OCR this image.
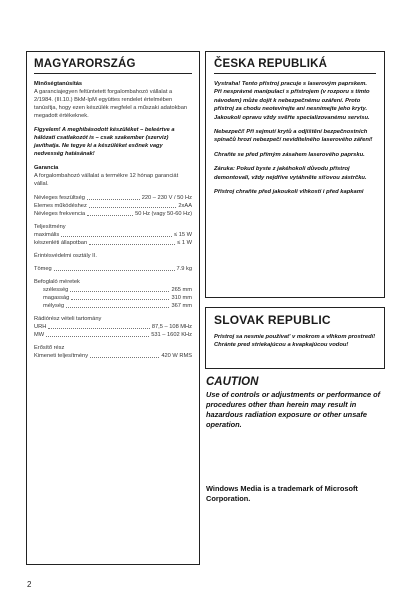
MAGYARORSZÁG
Minőségtanúsítás

A garanciajegyen feltüntetett forgalombahozó vállalat a 2/1984. (III.10.) BkM-IpM együttes rendelet értelmében tanúsítja, hogy ezen készülék megfelel a műszaki adatokban megadott értékeknek.

Figyelem! A meghibásodott készüléket – beleértve a hálózati csatlakozót is – csak szakember (szerviz) javíthatja. Ne tegye ki a készüléket esőnek vagy nedvesség hatásának!

Garancia

A forgalombahozó vállalat a termékre 12 hónap garanciát vállal.

Névleges feszültség	220 – 230 V / 50 Hz
Elemes működéshez	2xAA
Névleges frekvencia	50 Hz (vagy 50-60 Hz)
Teljesítmény
maximális	≤ 15 W
készenléti állapotban	≤ 1 W
Érintésvédelmi osztály II.
Tömeg	7.9 kg
Befoglaló méretek
szélesség	265 mm
magasság	310 mm
mélység	367 mm
Rádiórész vételi tartomány
URH	87,5 – 108 MHz
MW	531 – 1602 KHz
Erősítő rész
Kimeneti teljesítmény	420 W RMS
ČESKA REPUBLIKÁ

Vystraha! Tento přístroj pracuje s laserovým paprskem. Při nesprávné manipulaci s přístrojem (v rozporu s tímto návodem) můże dojít k nebezpečnému ozáření. Proto přístroj za chodu neotevírejte ani nesnímejte jeho kryty. Jakoukoli opravu vždy svěřte specializovanému servisu.

Nebezpečí! Při sejmutí krytů a odjištění bezpečnostních spínačů hrozí nebezpečí neviditelného laserového záření!

Chraňte se před přímým zásahem laserového paprsku.

Záruka: Pokud byste z jakéhokoli důvodu přístroj demontovali, vždy nejdříve vytáhněte síťovou zástrčku.

Přístroj chraňte před jakoukoli vlhkostí i před kapkami

SLOVAK REPUBLIC
Prístroj sa nesmie používat' v mokrom a vlhkom prostredí! Chránte pred striekajúcou a kvapkajúcou vodou!
CAUTION
Use of controls or adjustments or performance of procedures other than herein may result in hazardous radiation exposure or other unsafe operation.
Windows Media is a trademark of Microsoft Corporation.
2
